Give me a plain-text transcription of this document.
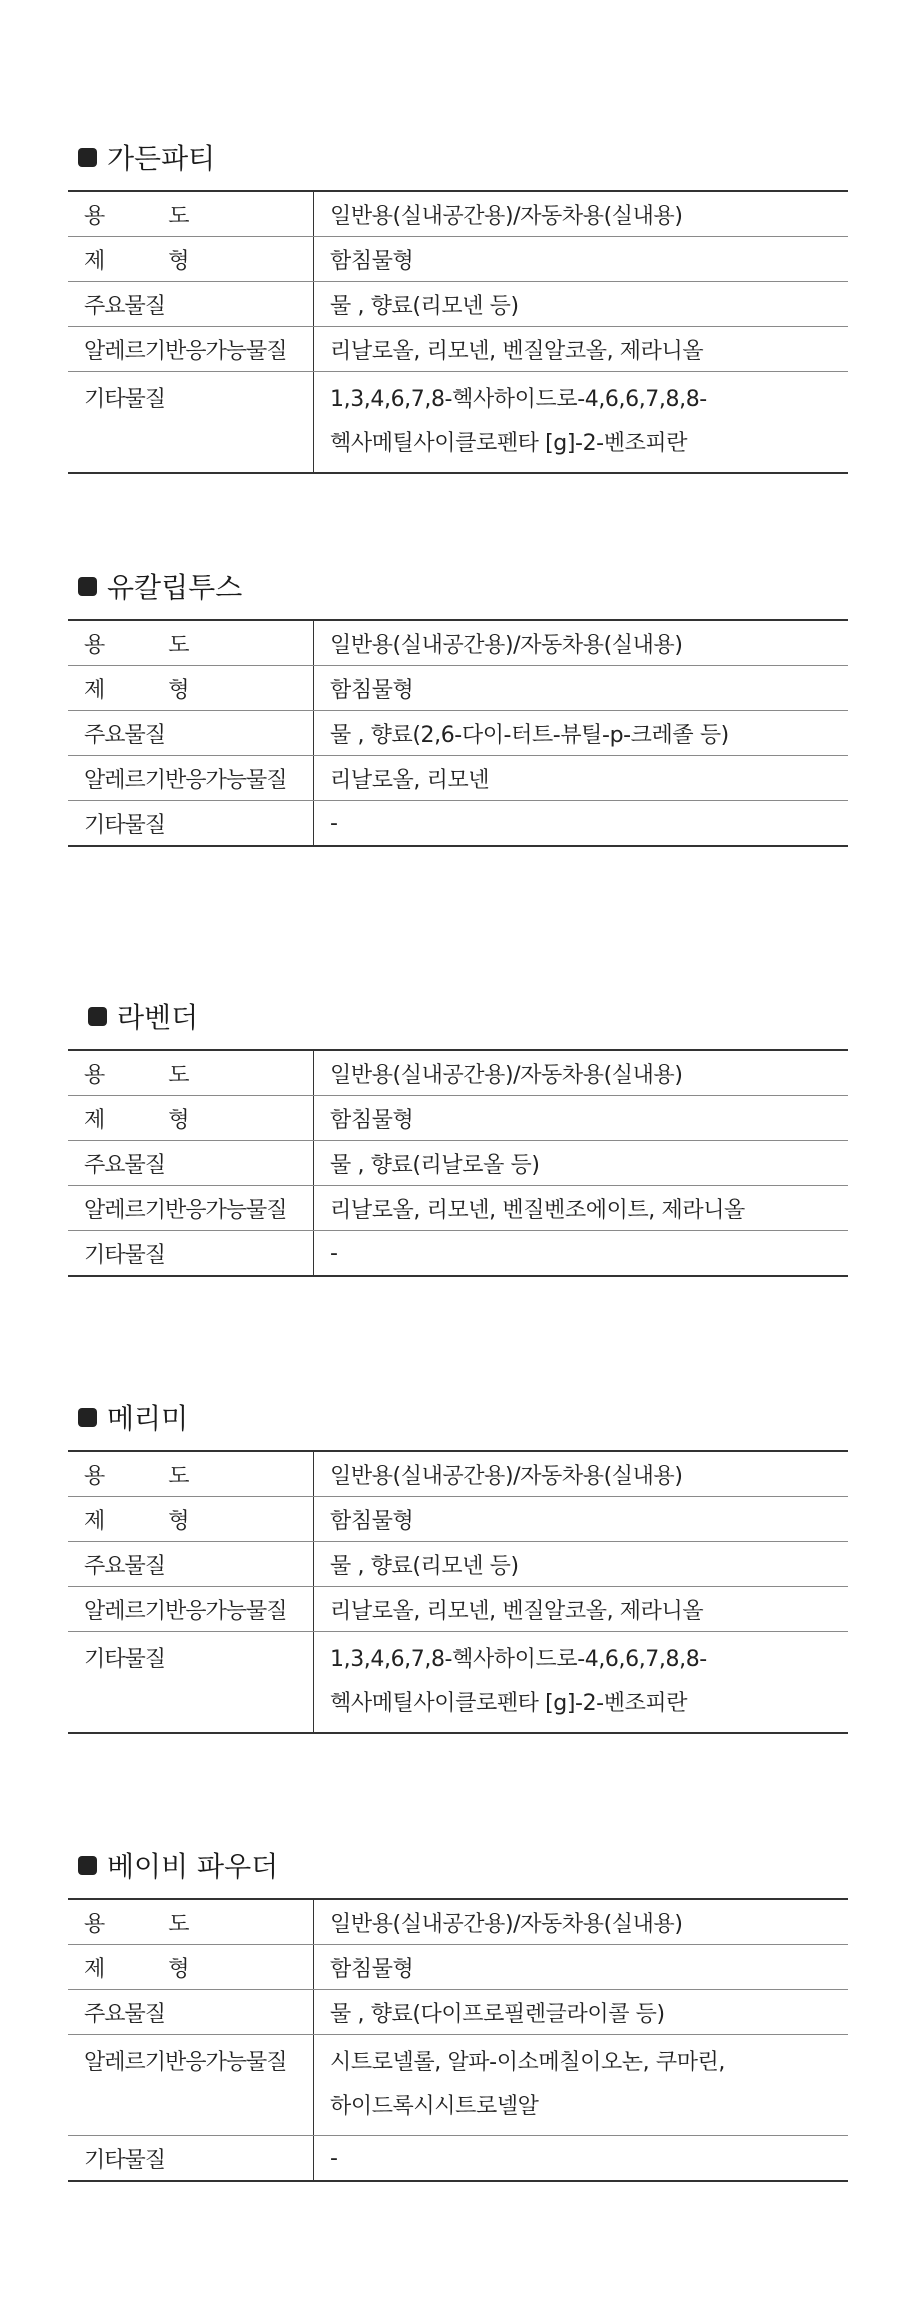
가든파티
용 도	일반용(실내공간용)/자동차용(실내용)
제 형	함침물형
주요물질	물 , 향료(리모넨 등)
알레르기반응가능물질	리날로올, 리모넨, 벤질알코올, 제라니올
기타물질	1,3,4,6,7,8-헥사하이드로-4,6,6,7,8,8-
헥사메틸사이클로펜타 [g]-2-벤조피란
유칼립투스
용 도	일반용(실내공간용)/자동차용(실내용)
제 형	함침물형
주요물질	물 , 향료(2,6-다이-터트-뷰틸-p-크레졸 등)
알레르기반응가능물질	리날로올, 리모넨
기타물질	-
라벤더
용 도	일반용(실내공간용)/자동차용(실내용)
제 형	함침물형
주요물질	물 , 향료(리날로올 등)
알레르기반응가능물질	리날로올, 리모넨, 벤질벤조에이트, 제라니올
기타물질	-
메리미
용 도	일반용(실내공간용)/자동차용(실내용)
제 형	함침물형
주요물질	물 , 향료(리모넨 등)
알레르기반응가능물질	리날로올, 리모넨, 벤질알코올, 제라니올
기타물질	1,3,4,6,7,8-헥사하이드로-4,6,6,7,8,8-
헥사메틸사이클로펜타 [g]-2-벤조피란
베이비 파우더
용 도	일반용(실내공간용)/자동차용(실내용)
제 형	함침물형
주요물질	물 , 향료(다이프로필렌글라이콜 등)
알레르기반응가능물질	시트로넬롤, 알파-이소메칠이오논, 쿠마린,
하이드록시시트로넬알

기타물질	-
